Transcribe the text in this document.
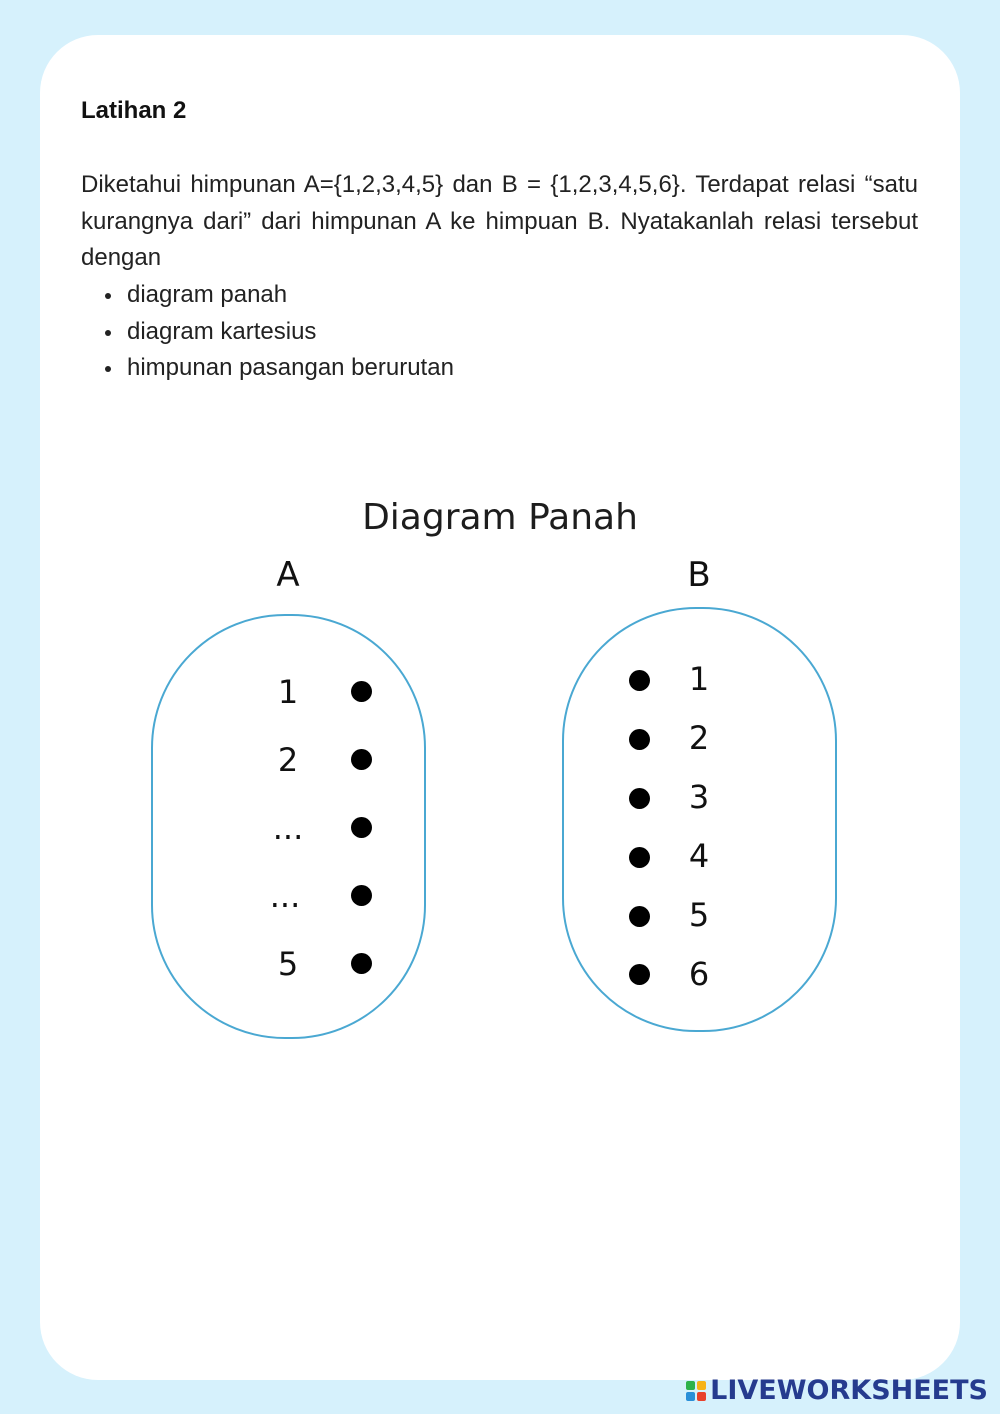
Latihan 2

Diketahui himpunan A={1,2,3,4,5} dan B = {1,2,3,4,5,6}. Terdapat relasi “satu kurangnya dari” dari himpunan A ke himpuan B. Nyatakanlah relasi tersebut dengan

diagram panah
diagram kartesius
himpunan pasangan berurutan
Diagram Panah
A	B
1
2
...
...
5
1
2
3
4
5
6
LIVEWORKSHEETS
